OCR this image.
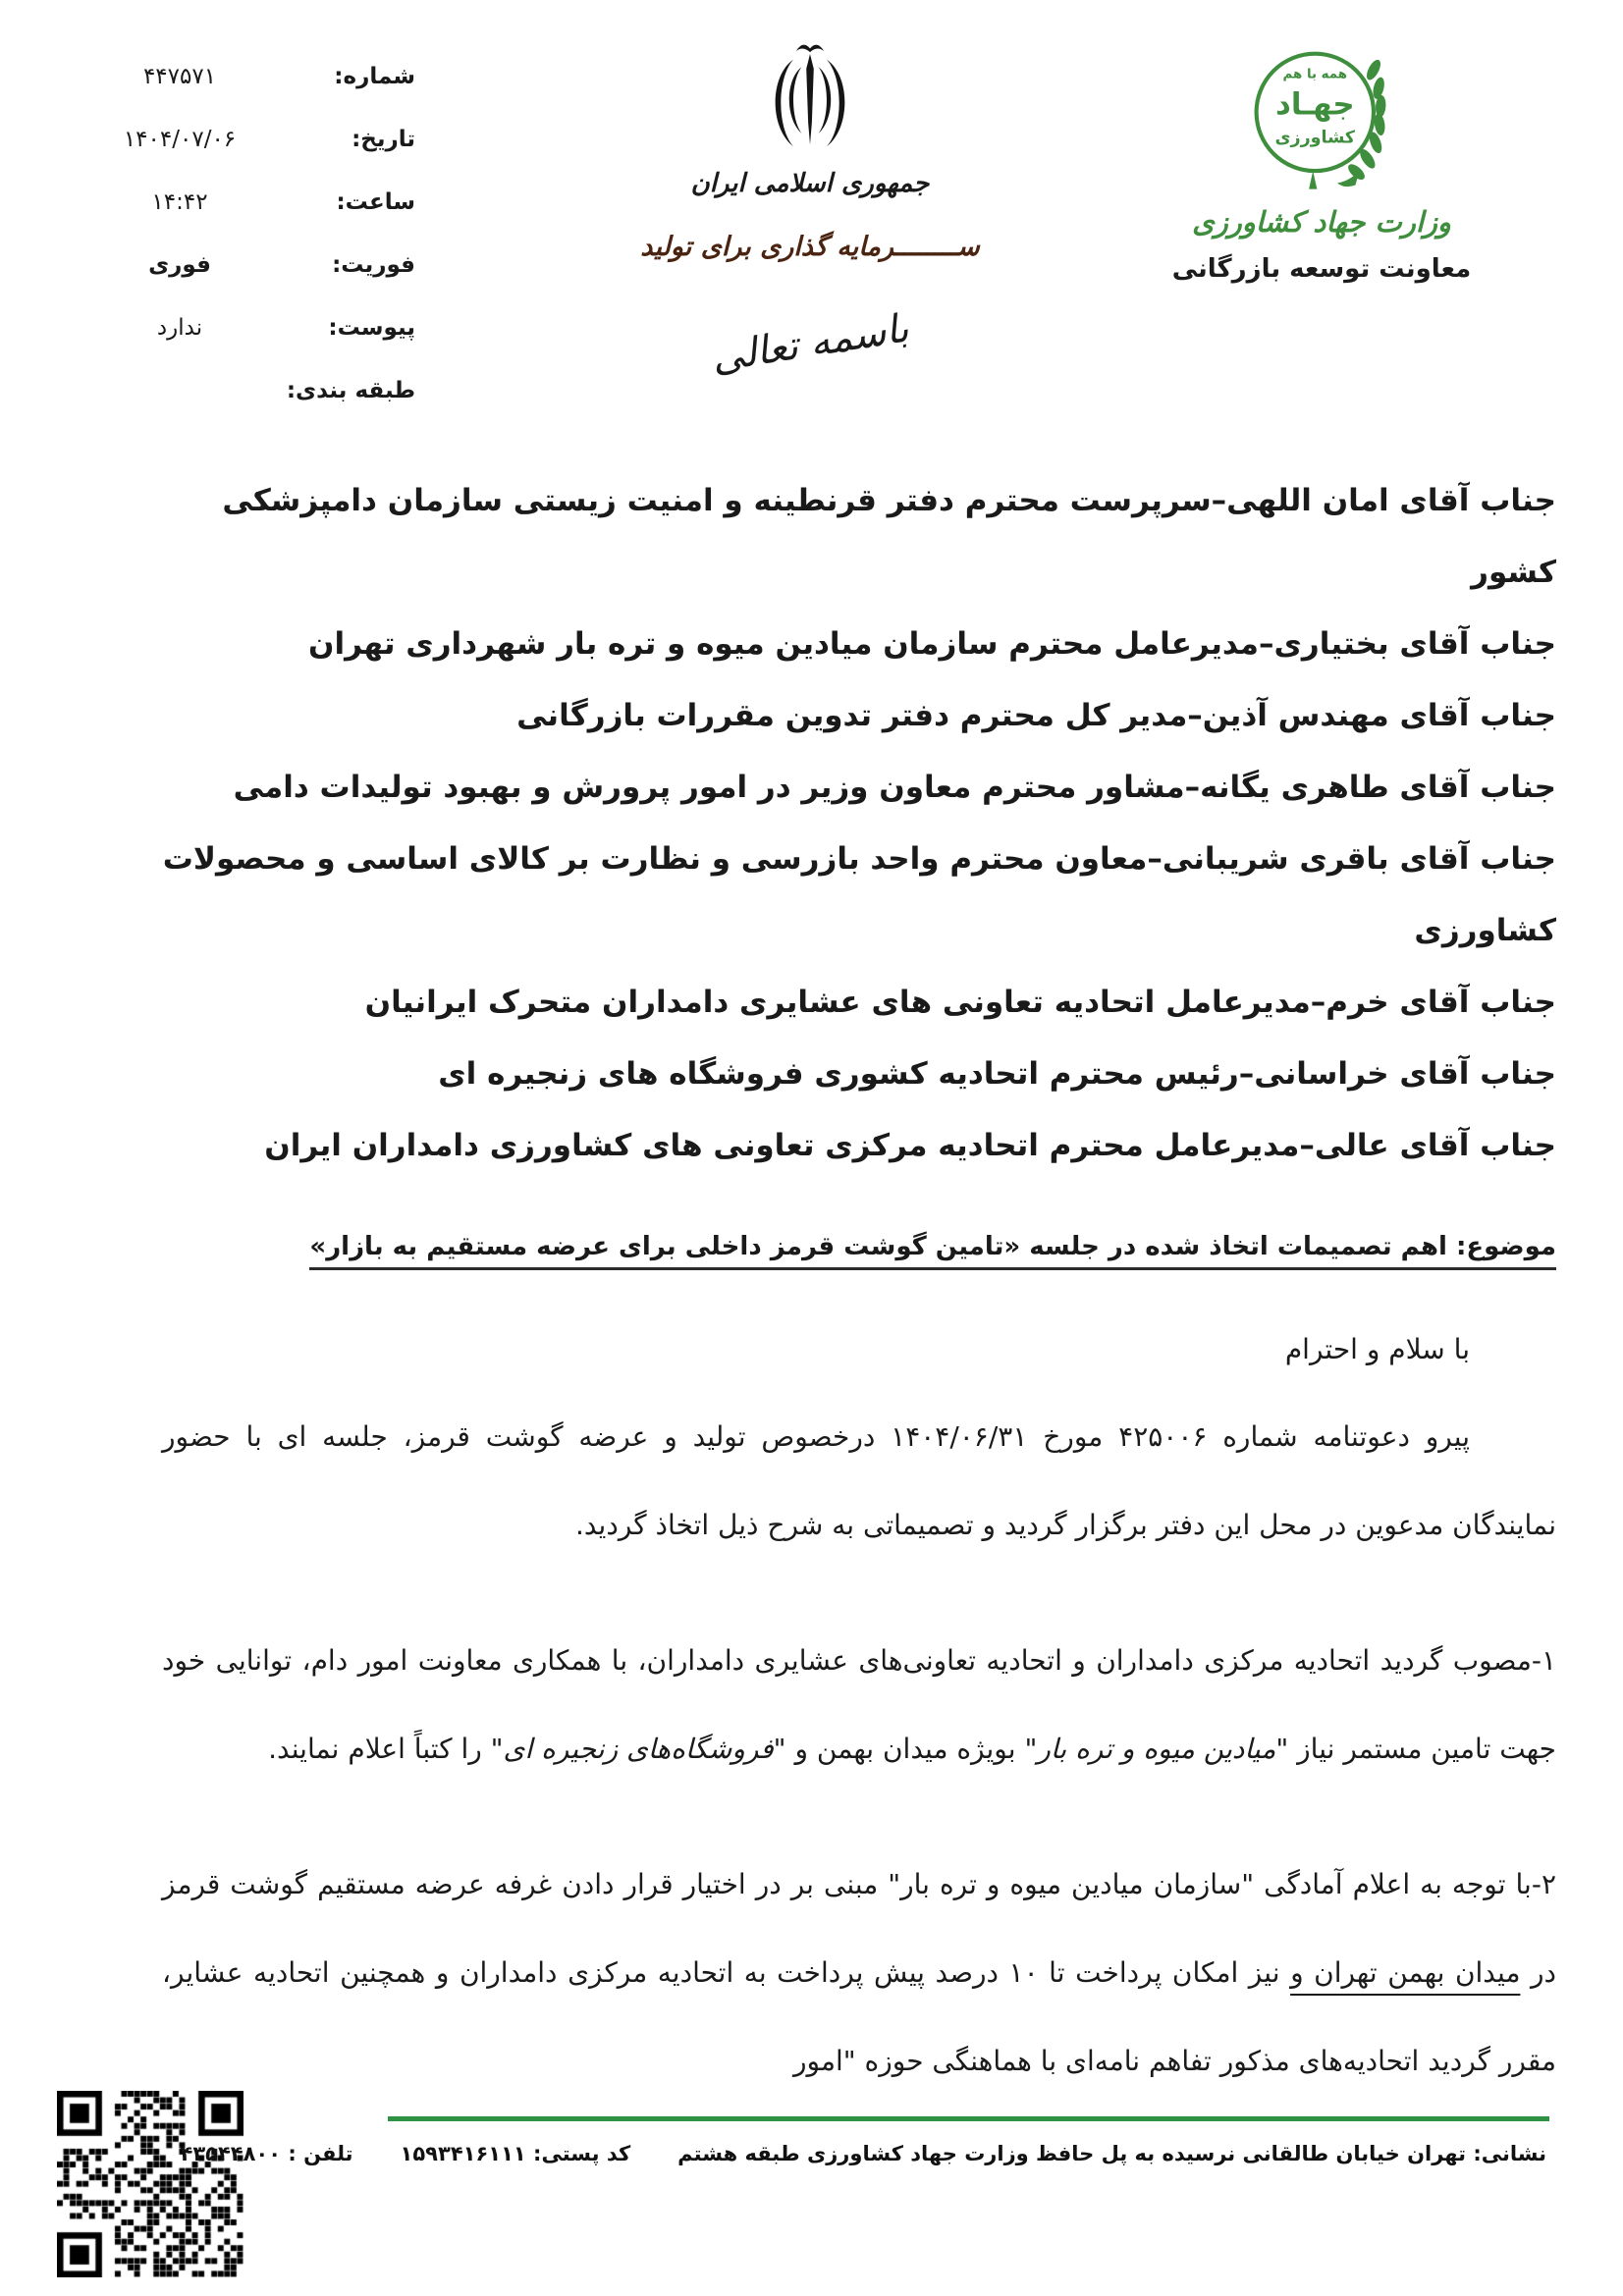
شماره:
۴۴۷۵۷۱
تاریخ:
۱۴۰۴/۰۷/۰۶
ساعت:
۱۴:۴۲
فوریت:
فوری
پیوست:
ندارد
طبقه بندی:
جمهوری اسلامی ایران
ســــــــرمایه گذاری برای تولید
باسمه تعالی
همه با هم
جهـاد
کشاورزی
وزارت جهاد کشاورزی
معاونت توسعه بازرگانی
جناب آقای امان اللهی–سرپرست محترم دفتر قرنطینه و امنیت زیستی سازمان دامپزشکی کشور
جناب آقای بختیاری–مدیرعامل محترم سازمان میادین میوه و تره بار شهرداری تهران
جناب آقای مهندس آذین–مدیر کل محترم دفتر تدوین مقررات بازرگانی
جناب آقای طاهری یگانه–مشاور محترم معاون وزیر در امور پرورش و بهبود تولیدات دامی
جناب آقای باقری شریبانی–معاون محترم واحد بازرسی و نظارت بر کالای اساسی و محصولات کشاورزی
جناب آقای خرم–مدیرعامل اتحادیه تعاونی های عشایری دامداران متحرک ایرانیان
جناب آقای خراسانی–رئیس محترم اتحادیه کشوری فروشگاه های زنجیره ای
جناب آقای عالی–مدیرعامل محترم اتحادیه مرکزی تعاونی های کشاورزی دامداران ایران
موضوع: اهم تصمیمات اتخاذ شده در جلسه «تامین گوشت قرمز داخلی برای عرضه مستقیم به بازار»
با سلام و احترام

پیرو دعوتنامه شماره ۴۲۵۰۰۶ مورخ ۱۴۰۴/۰۶/۳۱ درخصوص تولید و عرضه گوشت قرمز، جلسه ای با حضور نمایندگان مدعوین در محل این دفتر برگزار گردید و تصمیماتی به شرح ذیل اتخاذ گردید.

۱-مصوب گردید اتحادیه مرکزی دامداران و اتحادیه تعاونی‌های عشایری دامداران، با همکاری معاونت امور دام، توانایی خود جهت تامین مستمر نیاز "میادین میوه و تره بار" بویژه میدان بهمن و "فروشگاه‌های زنجیره ای" را کتباً اعلام نمایند.

۲-با توجه به اعلام آمادگی "سازمان میادین میوه و تره بار" مبنی بر در اختیار قرار دادن غرفه عرضه مستقیم گوشت قرمز در میدان بهمن تهران و نیز امکان پرداخت تا ۱۰ درصد پیش پرداخت به اتحادیه مرکزی دامداران و همچنین اتحادیه عشایر، مقرر گردید اتحادیه‌های مذکور تفاهم نامه‌ای با هماهنگی حوزه "امور

نشانی: تهران خیابان طالقانی نرسیده به پل حافظ وزارت جهاد کشاورزی طبقه هشتم
کد پستی: ۱۵۹۳۴۱۶۱۱۱
تلفن : ۴۳۵۴۴۸۰۰
